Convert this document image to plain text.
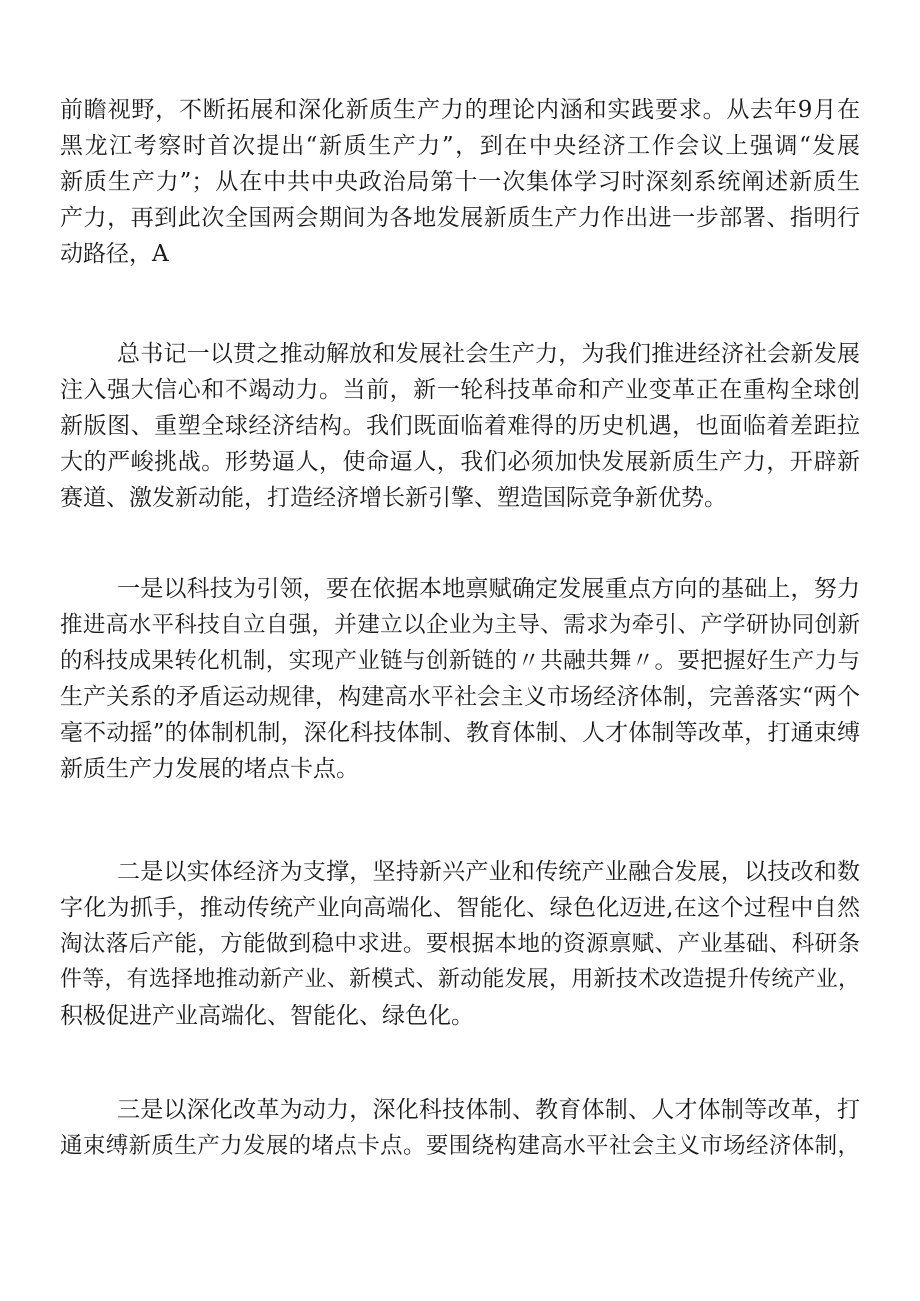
前瞻视野，不断拓展和深化新质生产力的理论内涵和实践要求。从去年9月在
黑龙江考察时首次提出“新质生产力”，到在中央经济工作会议上强调“发展
新质生产力”；从在中共中央政治局第十一次集体学习时深刻系统阐述新质生
产力，再到此次全国两会期间为各地发展新质生产力作出进一步部署、指明行
动路径，A
总书记一以贯之推动解放和发展社会生产力，为我们推进经济社会新发展
注入强大信心和不竭动力。当前，新一轮科技革命和产业变革正在重构全球创
新版图、重塑全球经济结构。我们既面临着难得的历史机遇，也面临着差距拉
大的严峻挑战。形势逼人，使命逼人，我们必须加快发展新质生产力，开辟新
赛道、激发新动能，打造经济增长新引擎、塑造国际竞争新优势。
一是以科技为引领，要在依据本地禀赋确定发展重点方向的基础上，努力
推进高水平科技自立自强，并建立以企业为主导、需求为牵引、产学研协同创新
的科技成果转化机制，实现产业链与创新链的〃共融共舞〃。要把握好生产力与
生产关系的矛盾运动规律，构建高水平社会主义市场经济体制，完善落实“两个
毫不动摇”的体制机制，深化科技体制、教育体制、人才体制等改革，打通束缚
新质生产力发展的堵点卡点。
二是以实体经济为支撑，坚持新兴产业和传统产业融合发展，以技改和数
字化为抓手，推动传统产业向高端化、智能化、绿色化迈进,在这个过程中自然
淘汰落后产能，方能做到稳中求进。要根据本地的资源禀赋、产业基础、科研条
件等，有选择地推动新产业、新模式、新动能发展，用新技术改造提升传统产业，
积极促进产业高端化、智能化、绿色化。
三是以深化改革为动力，深化科技体制、教育体制、人才体制等改革，打
通束缚新质生产力发展的堵点卡点。要围绕构建高水平社会主义市场经济体制，
